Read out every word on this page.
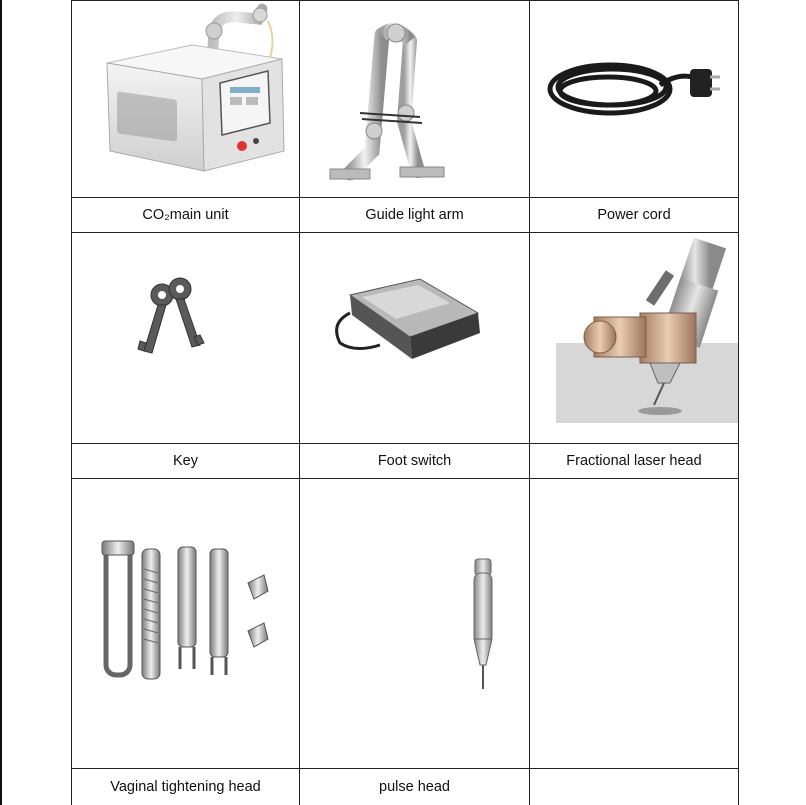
CO₂main unit	Guide light arm	Power cord
Key	Foot switch	Fractional laser head
Vaginal tightening head	pulse head
